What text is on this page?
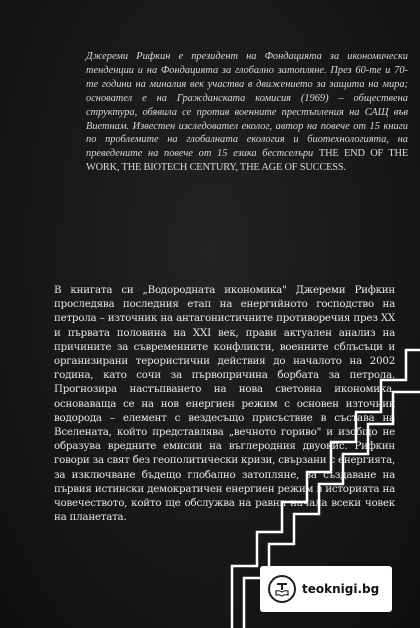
Джереми Рифкин е президент на Фондацията за икономически тенденции и на Фондацията за глобално затопляне. През 60-те и 70-те години на миналия век участва в движението за защита на мира; основател е на Гражданската комисия (1969) – обществена структура, обявила се против военните престъпления на САЩ във Виетнам. Известен изследовател еколог, автор на повече от 15 книги по проблемите на глобалната екология и биотехнологията, на преведените на повече от 15 езика бестселъри THE END OF THE WORK, THE BIOTECH CENTURY, THE AGE OF SUCCESS.

В книгата си „Водородната икономика" Джереми Рифкин проследява последния етап на енергийното господство на петрола – източник на антагонистичните противоречия през XX и първата половина на XXI век, прави актуален анализ на причините за съвременните конфликти, военните сблъсъци и организирани терористични действия до началото на 2002 година, като сочи за първопричина борбата за петрола. Прогнозира настъпването на нова световна икономика, основаваща се на нов енергиен режим с основен източник водорода – елемент с вездесъщо присъствие в състава на Вселената, който представлява „вечното гориво" и изобщо не образува вредните емисии на въглеродния двуокис. Рифкин говори за свят без геополитически кризи, свързани с енергията, за изключване бъдещо глобално затопляне, за създаване на първия истински демократичен енергиен режим в историята на човечеството, който ще обслужва на равни начала всеки човек на планетата.

teoknigi.bg
